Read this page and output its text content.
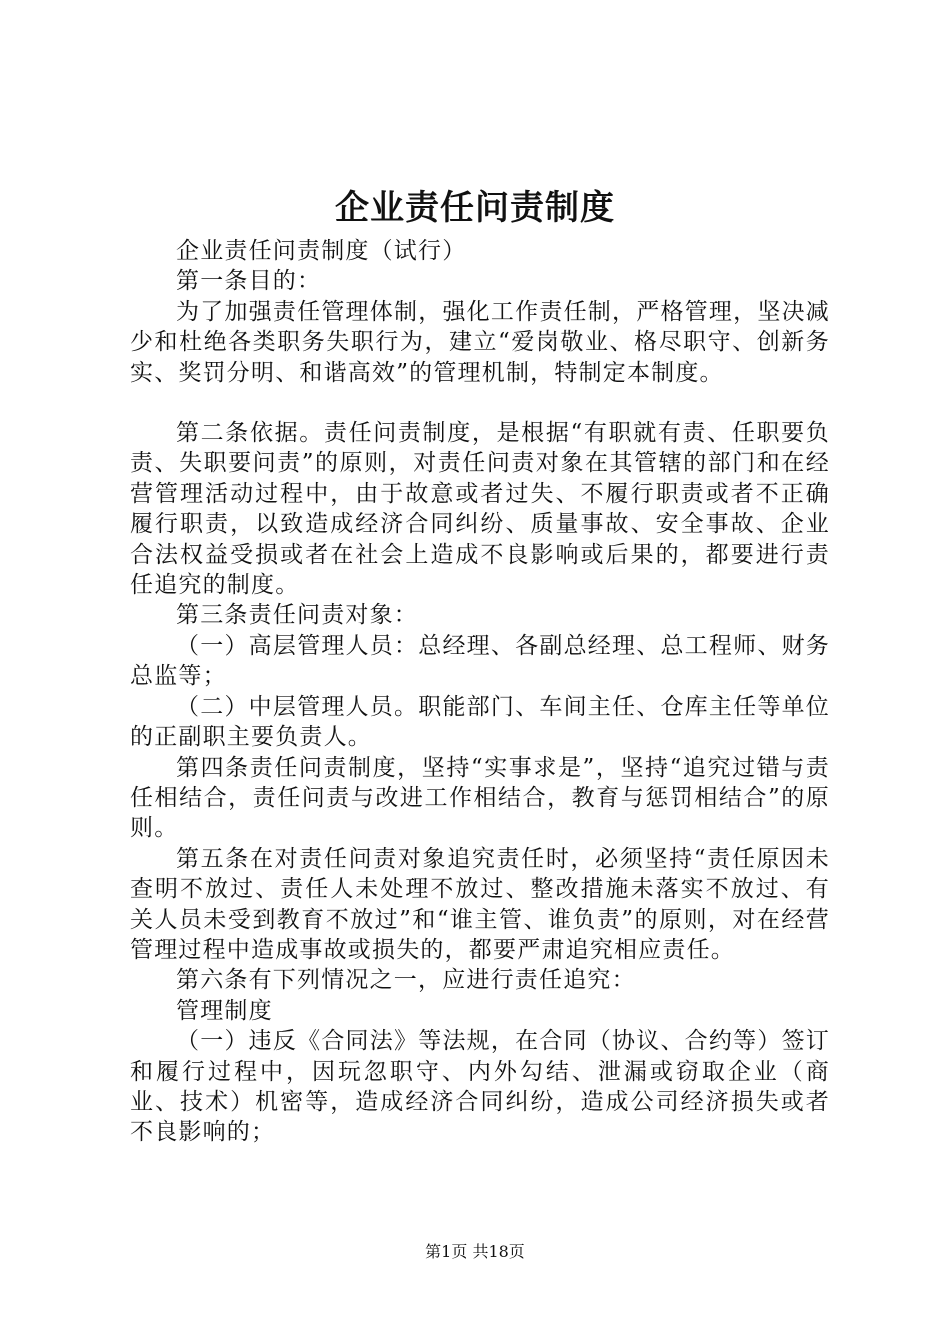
企业责任问责制度

企业责任问责制度（试行）

第一条目的：

为了加强责任管理体制，强化工作责任制，严格管理，坚决减少和杜绝各类职务失职行为，建立“爱岗敬业、格尽职守、创新务实、奖罚分明、和谐高效”的管理机制，特制定本制度。

第二条依据。责任问责制度，是根据“有职就有责、任职要负责、失职要问责”的原则，对责任问责对象在其管辖的部门和在经营管理活动过程中，由于故意或者过失、不履行职责或者不正确履行职责，以致造成经济合同纠纷、质量事故、安全事故、企业合法权益受损或者在社会上造成不良影响或后果的，都要进行责任追究的制度。

第三条责任问责对象：

（一）高层管理人员：总经理、各副总经理、总工程师、财务总监等；

（二）中层管理人员。职能部门、车间主任、仓库主任等单位的正副职主要负责人。

第四条责任问责制度，坚持“实事求是”，坚持“追究过错与责任相结合，责任问责与改进工作相结合，教育与惩罚相结合”的原则。

第五条在对责任问责对象追究责任时，必须坚持“责任原因未查明不放过、责任人未处理不放过、整改措施未落实不放过、有关人员未受到教育不放过”和“谁主管、谁负责”的原则，对在经营管理过程中造成事故或损失的，都要严肃追究相应责任。

第六条有下列情况之一，应进行责任追究：

管理制度

（一）违反《合同法》等法规，在合同（协议、合约等）签订和履行过程中，因玩忽职守、内外勾结、泄漏或窃取企业（商业、技术）机密等，造成经济合同纠纷，造成公司经济损失或者不良影响的；

第1页 共18页
